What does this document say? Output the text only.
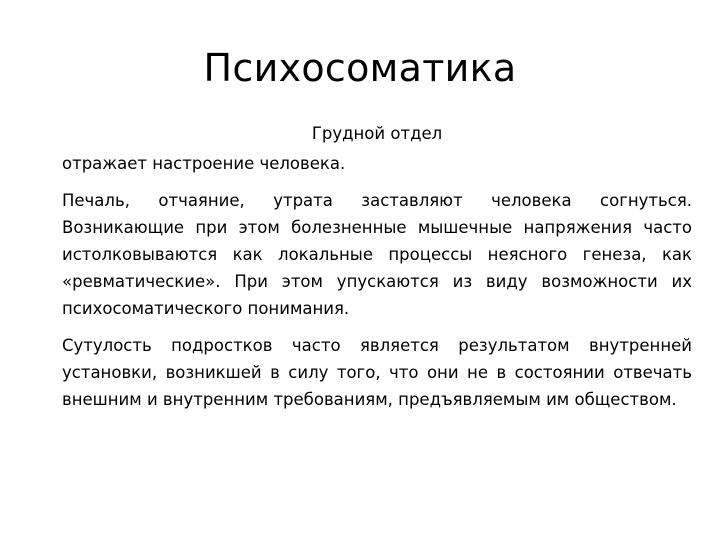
Психосоматика

Грудной отдел

отражает настроение человека.

Печаль, отчаяние, утрата заставляют человека согнуться. Возникающие при этом болезненные мышечные напряжения часто истолковываются как локальные процессы неясного генеза, как «ревматические». При этом упускаются из виду возможности их психосоматического понимания.

Сутулость подростков часто является результатом внутренней установки, возникшей в силу того, что они не в состоянии отвечать внешним и внутренним требованиям, предъявляемым им обществом.
